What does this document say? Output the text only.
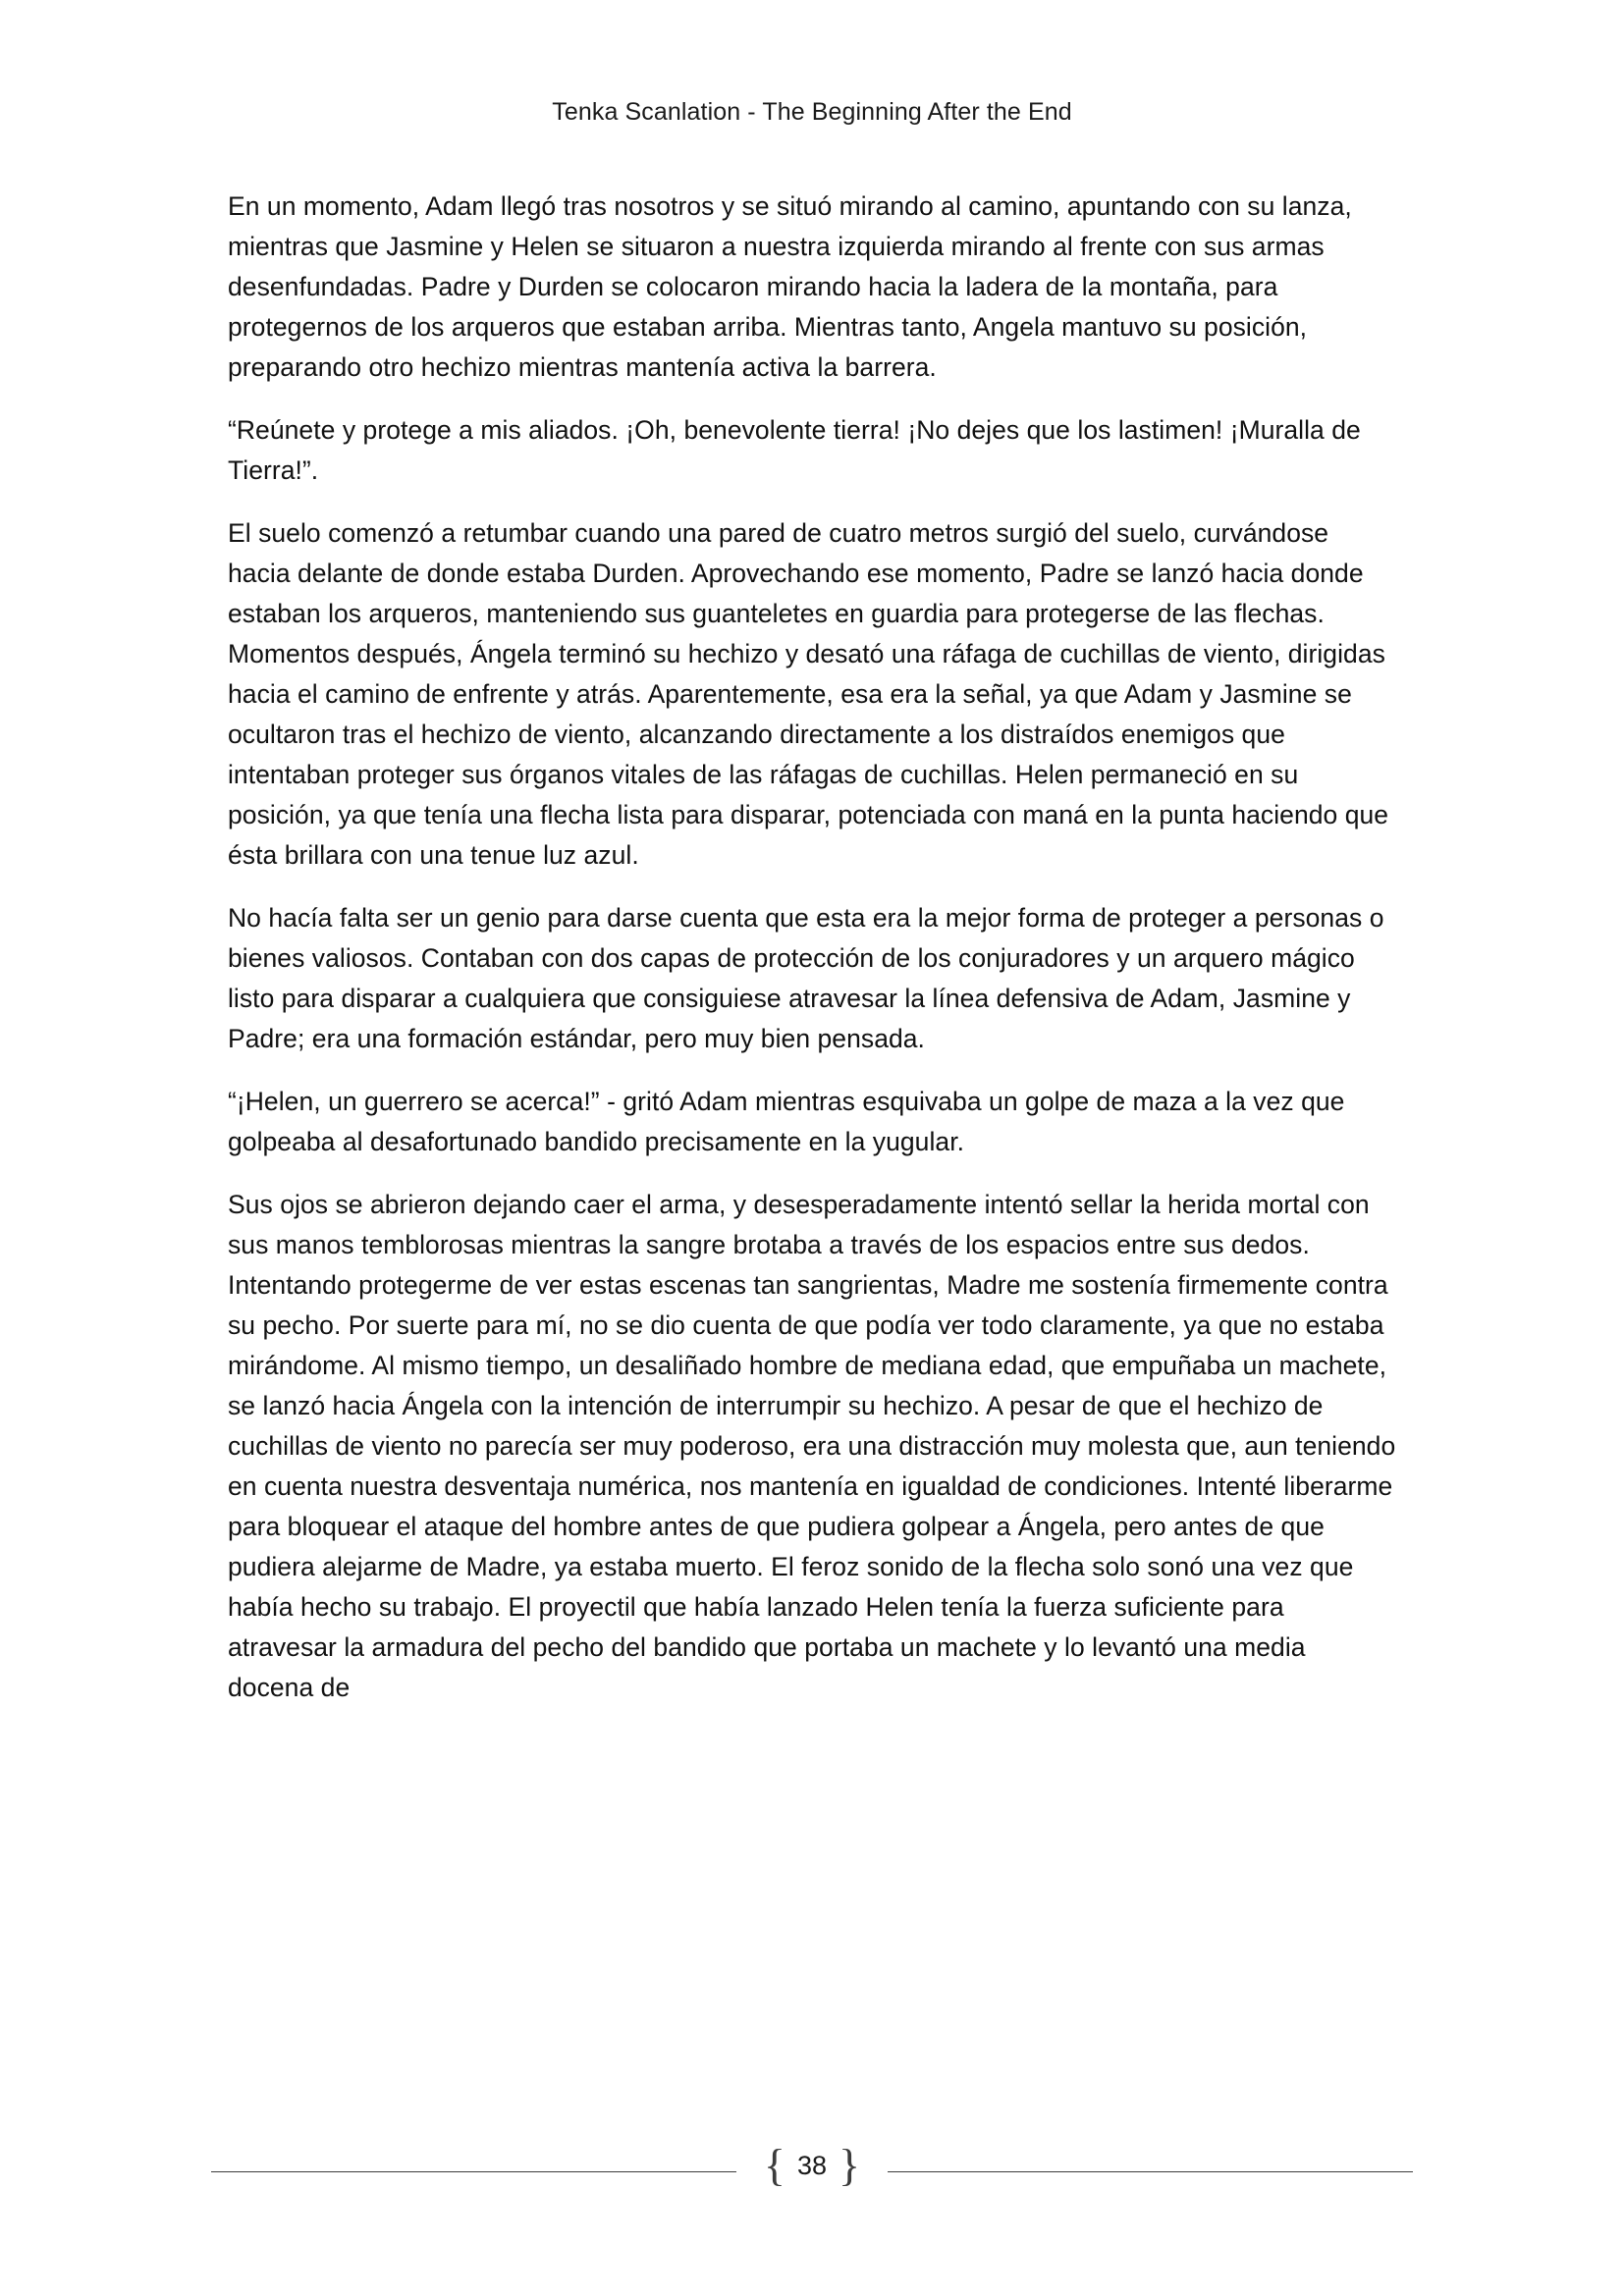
Tenka Scanlation - The Beginning After the End

En un momento, Adam llegó tras nosotros y se situó mirando al camino, apuntando con su lanza, mientras que Jasmine y Helen se situaron a nuestra izquierda mirando al frente con sus armas desenfundadas. Padre y Durden se colocaron mirando hacia la ladera de la montaña, para protegernos de los arqueros que estaban arriba. Mientras tanto, Angela mantuvo su posición, preparando otro hechizo mientras mantenía activa la barrera.

“Reúnete y protege a mis aliados. ¡Oh, benevolente tierra! ¡No dejes que los lastimen! ¡Muralla de Tierra!”.

El suelo comenzó a retumbar cuando una pared de cuatro metros surgió del suelo, curvándose hacia delante de donde estaba Durden. Aprovechando ese momento, Padre se lanzó hacia donde estaban los arqueros, manteniendo sus guanteletes en guardia para protegerse de las flechas. Momentos después, Ángela terminó su hechizo y desató una ráfaga de cuchillas de viento, dirigidas hacia el camino de enfrente y atrás. Aparentemente, esa era la señal, ya que Adam y Jasmine se ocultaron tras el hechizo de viento, alcanzando directamente a los distraídos enemigos que intentaban proteger sus órganos vitales de las ráfagas de cuchillas. Helen permaneció en su posición, ya que tenía una flecha lista para disparar, potenciada con maná en la punta haciendo que ésta brillara con una tenue luz azul.

No hacía falta ser un genio para darse cuenta que esta era la mejor forma de proteger a personas o bienes valiosos. Contaban con dos capas de protección de los conjuradores y un arquero mágico listo para disparar a cualquiera que consiguiese atravesar la línea defensiva de Adam, Jasmine y Padre; era una formación estándar, pero muy bien pensada.

“¡Helen, un guerrero se acerca!” - gritó Adam mientras esquivaba un golpe de maza a la vez que golpeaba al desafortunado bandido precisamente en la yugular.

Sus ojos se abrieron dejando caer el arma, y desesperadamente intentó sellar la herida mortal con sus manos temblorosas mientras la sangre brotaba a través de los espacios entre sus dedos. Intentando protegerme de ver estas escenas tan sangrientas, Madre me sostenía firmemente contra su pecho. Por suerte para mí, no se dio cuenta de que podía ver todo claramente, ya que no estaba mirándome. Al mismo tiempo, un desaliñado hombre de mediana edad, que empuñaba un machete, se lanzó hacia Ángela con la intención de interrumpir su hechizo. A pesar de que el hechizo de cuchillas de viento no parecía ser muy poderoso, era una distracción muy molesta que, aun teniendo en cuenta nuestra desventaja numérica, nos mantenía en igualdad de condiciones. Intenté liberarme para bloquear el ataque del hombre antes de que pudiera golpear a Ángela, pero antes de que pudiera alejarme de Madre, ya estaba muerto. El feroz sonido de la flecha solo sonó una vez que había hecho su trabajo. El proyectil que había lanzado Helen tenía la fuerza suficiente para atravesar la armadura del pecho del bandido que portaba un machete y lo levantó una media docena de

{ 38 }
